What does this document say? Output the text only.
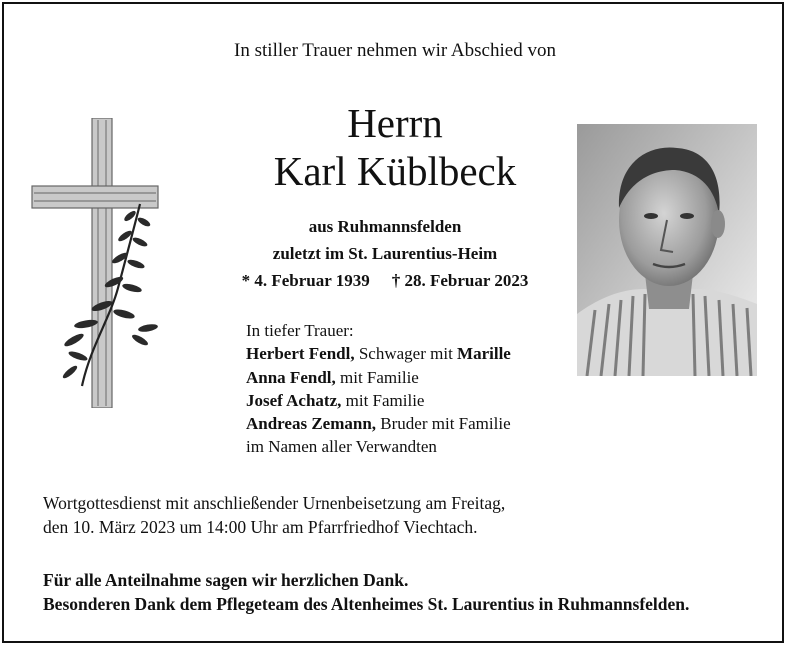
In stiller Trauer nehmen wir Abschied von
Herrn
Karl Küblbeck
aus Ruhmannsfelden
zuletzt im St. Laurentius-Heim
* 4. Februar 1939 † 28. Februar 2023
In tiefer Trauer:
Herbert Fendl, Schwager mit Marille
Anna Fendl, mit Familie
Josef Achatz, mit Familie
Andreas Zemann, Bruder mit Familie
im Namen aller Verwandten
Wortgottesdienst mit anschließender Urnenbeisetzung am Freitag,
den 10. März 2023 um 14:00 Uhr am Pfarrfriedhof Viechtach.
Für alle Anteilnahme sagen wir herzlichen Dank.
Besonderen Dank dem Pflegeteam des Altenheimes St. Laurentius in Ruhmannsfelden.
